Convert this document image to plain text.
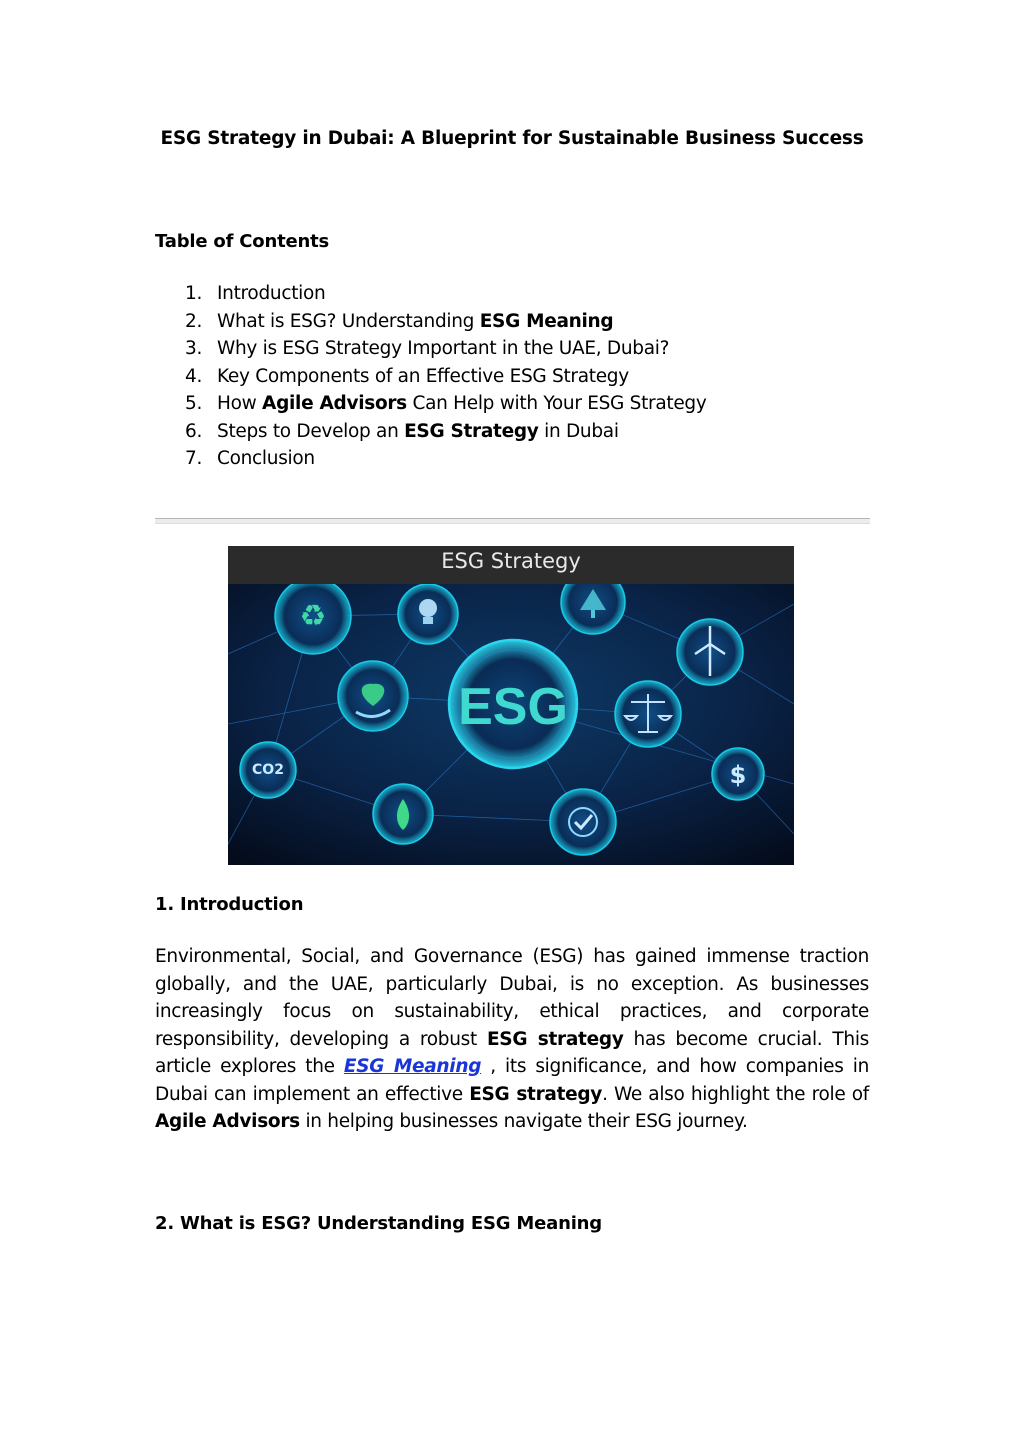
ESG Strategy in Dubai: A Blueprint for Sustainable Business Success
Table of Contents
1. Introduction
2. What is ESG? Understanding ESG Meaning
3. Why is ESG Strategy Important in the UAE, Dubai?
4. Key Components of an Effective ESG Strategy
5. How Agile Advisors Can Help with Your ESG Strategy
6. Steps to Develop an ESG Strategy in Dubai
7. Conclusion
ESG Strategy
♻
CO2	$
ESG
1. Introduction

Environmental, Social, and Governance (ESG) has gained immense traction globally, and the UAE, particularly Dubai, is no exception. As businesses increasingly focus on sustainability, ethical practices, and corporate responsibility, developing a robust ESG strategy has become crucial. This article explores the ESG Meaning , its significance, and how companies in Dubai can implement an effective ESG strategy. We also highlight the role of Agile Advisors in helping businesses navigate their ESG journey.

2. What is ESG? Understanding ESG Meaning
